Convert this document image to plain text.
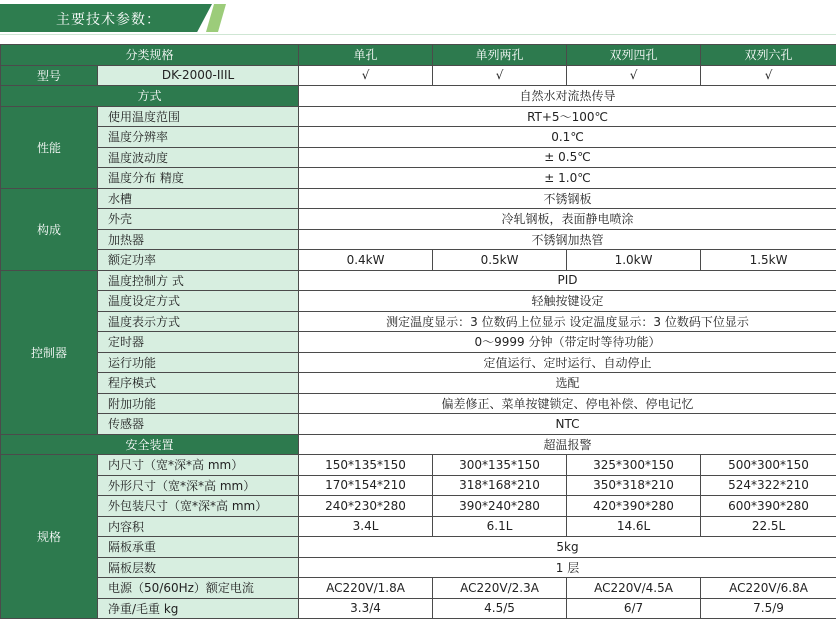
主要技术参数：
分类规格		单孔	单列两孔	双列四孔	双列六孔
型号	DK-2000-IIIL	√	√	√	√
方式		自然水对流热传导			
性能	使用温度范围	RT+5～100℃			
	温度分辨率	0.1℃			
	温度波动度	± 0.5℃			
	温度分布 精度	± 1.0℃			
构成	水槽	不锈钢板			
	外壳	冷轧钢板，表面静电喷涂			
	加热器	不锈钢加热管			
	额定功率	0.4kW	0.5kW	1.0kW	1.5kW
控制器	温度控制方 式	PID			
	温度设定方式	轻触按键设定			
	温度表示方式	测定温度显示：3 位数码上位显示 设定温度显示：3 位数码下位显示			
	定时器	0～9999 分钟（带定时等待功能）			
	运行功能	定值运行、定时运行、自动停止			
	程序模式	选配			
	附加功能	偏差修正、菜单按键锁定、停电补偿、停电记忆			
	传感器	NTC			
安全装置		超温报警			
规格	内尺寸（宽*深*高 mm）	150*135*150	300*135*150	325*300*150	500*300*150
	外形尺寸（宽*深*高 mm）	170*154*210	318*168*210	350*318*210	524*322*210
	外包装尺寸（宽*深*高 mm）	240*230*280	390*240*280	420*390*280	600*390*280
	内容积	3.4L	6.1L	14.6L	22.5L
	隔板承重	5kg			
	隔板层数	1 层			
	电源（50/60Hz）额定电流	AC220V/1.8A	AC220V/2.3A	AC220V/4.5A	AC220V/6.8A
	净重/毛重 kg	3.3/4	4.5/5	6/7	7.5/9
